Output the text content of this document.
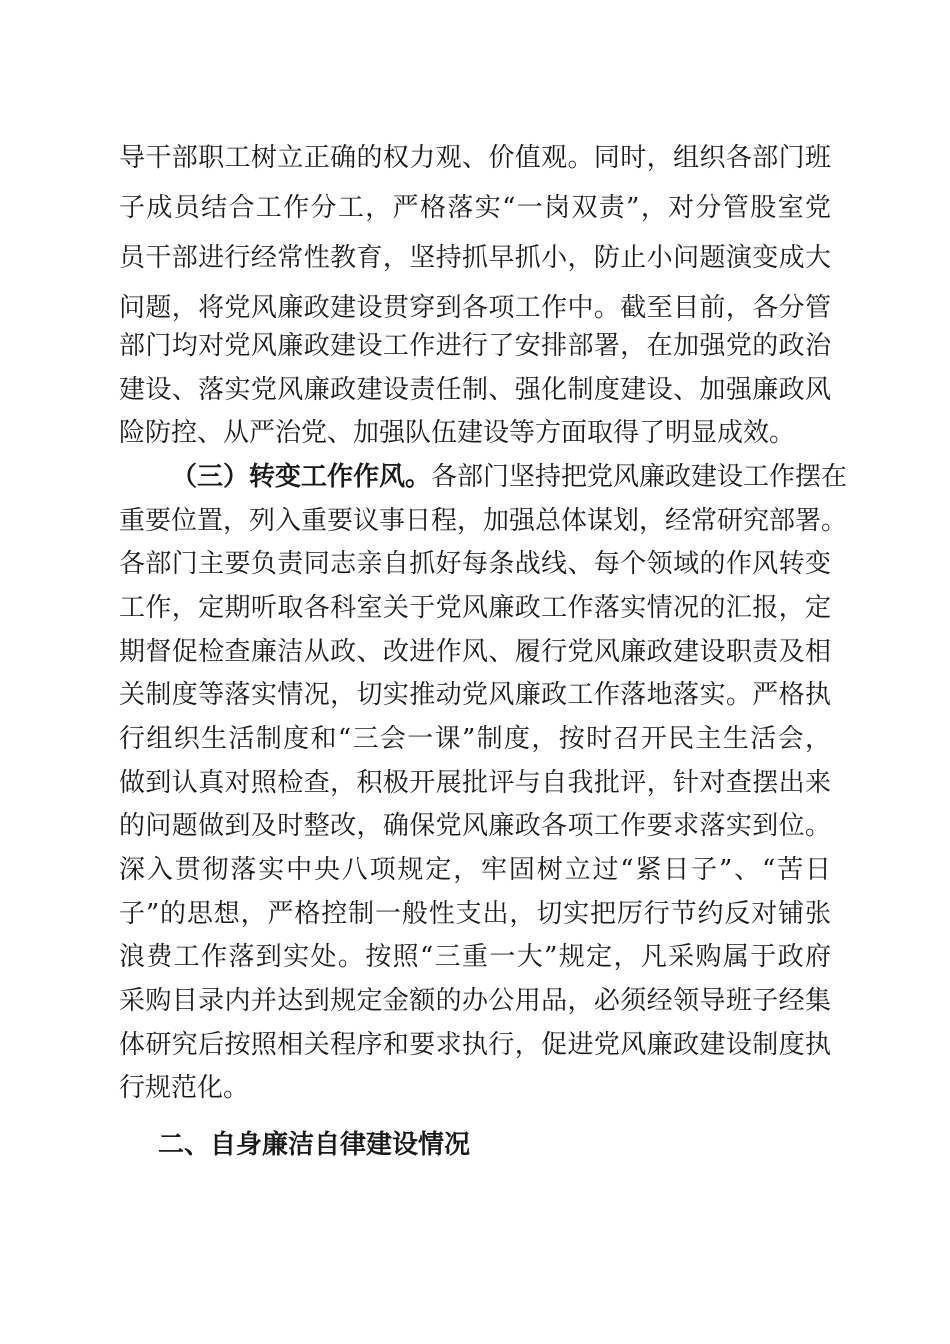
导干部职工树立正确的权力观、价值观。同时，组织各部门班
子成员结合工作分工，严格落实“一岗双责”，对分管股室党
员干部进行经常性教育，坚持抓早抓小，防止小问题演变成大
问题，将党风廉政建设贯穿到各项工作中。截至目前，各分管
部门均对党风廉政建设工作进行了安排部署，在加强党的政治
建设、落实党风廉政建设责任制、强化制度建设、加强廉政风
险防控、从严治党、加强队伍建设等方面取得了明显成效。
（三）转变工作作风。各部门坚持把党风廉政建设工作摆在
重要位置，列入重要议事日程，加强总体谋划，经常研究部署。
各部门主要负责同志亲自抓好每条战线、每个领域的作风转变
工作，定期听取各科室关于党风廉政工作落实情况的汇报，定
期督促检查廉洁从政、改进作风、履行党风廉政建设职责及相
关制度等落实情况，切实推动党风廉政工作落地落实。严格执
行组织生活制度和“三会一课”制度，按时召开民主生活会，
做到认真对照检查，积极开展批评与自我批评，针对查摆出来
的问题做到及时整改，确保党风廉政各项工作要求落实到位。
深入贯彻落实中央八项规定，牢固树立过“紧日子”、“苦日
子”的思想，严格控制一般性支出，切实把厉行节约反对铺张
浪费工作落到实处。按照“三重一大”规定，凡采购属于政府
采购目录内并达到规定金额的办公用品，必须经领导班子经集
体研究后按照相关程序和要求执行，促进党风廉政建设制度执
行规范化。
二、自身廉洁自律建设情况
